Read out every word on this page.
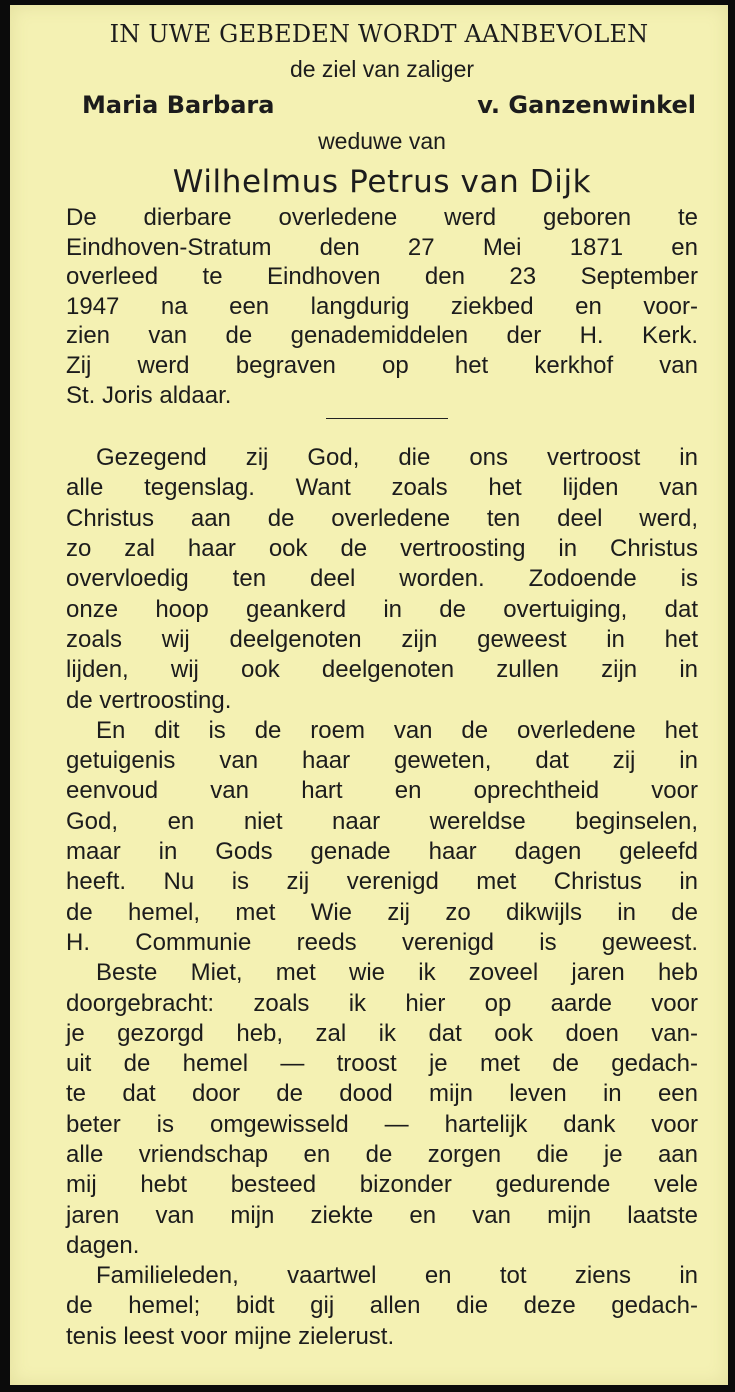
IN UWE GEBEDEN WORDT AANBEVOLEN
de ziel van zaliger
Maria Barbara	v. Ganzenwinkel
weduwe van
Wilhelmus Petrus van Dijk
De dierbare overledene werd geboren te
Eindhoven-Stratum den 27 Mei 1871 en
overleed te Eindhoven den 23 September
1947 na een langdurig ziekbed en voor-
zien van de genademiddelen der H. Kerk.
Zij werd begraven op het kerkhof van
St. Joris aldaar.
Gezegend zij God, die ons vertroost in
alle tegenslag. Want zoals het lijden van
Christus aan de overledene ten deel werd,
zo zal haar ook de vertroosting in Christus
overvloedig ten deel worden. Zodoende is
onze hoop geankerd in de overtuiging, dat
zoals wij deelgenoten zijn geweest in het
lijden, wij ook deelgenoten zullen zijn in
de vertroosting.
En dit is de roem van de overledene het
getuigenis van haar geweten, dat zij in
eenvoud van hart en oprechtheid voor
God, en niet naar wereldse beginselen,
maar in Gods genade haar dagen geleefd
heeft. Nu is zij verenigd met Christus in
de hemel, met Wie zij zo dikwijls in de
H. Communie reeds verenigd is geweest.
Beste Miet, met wie ik zoveel jaren heb
doorgebracht: zoals ik hier op aarde voor
je gezorgd heb, zal ik dat ook doen van-
uit de hemel — troost je met de gedach-
te dat door de dood mijn leven in een
beter is omgewisseld — hartelijk dank voor
alle vriendschap en de zorgen die je aan
mij hebt besteed bizonder gedurende vele
jaren van mijn ziekte en van mijn laatste
dagen.
Familieleden, vaartwel en tot ziens in
de hemel; bidt gij allen die deze gedach-
tenis leest voor mijne zielerust.
